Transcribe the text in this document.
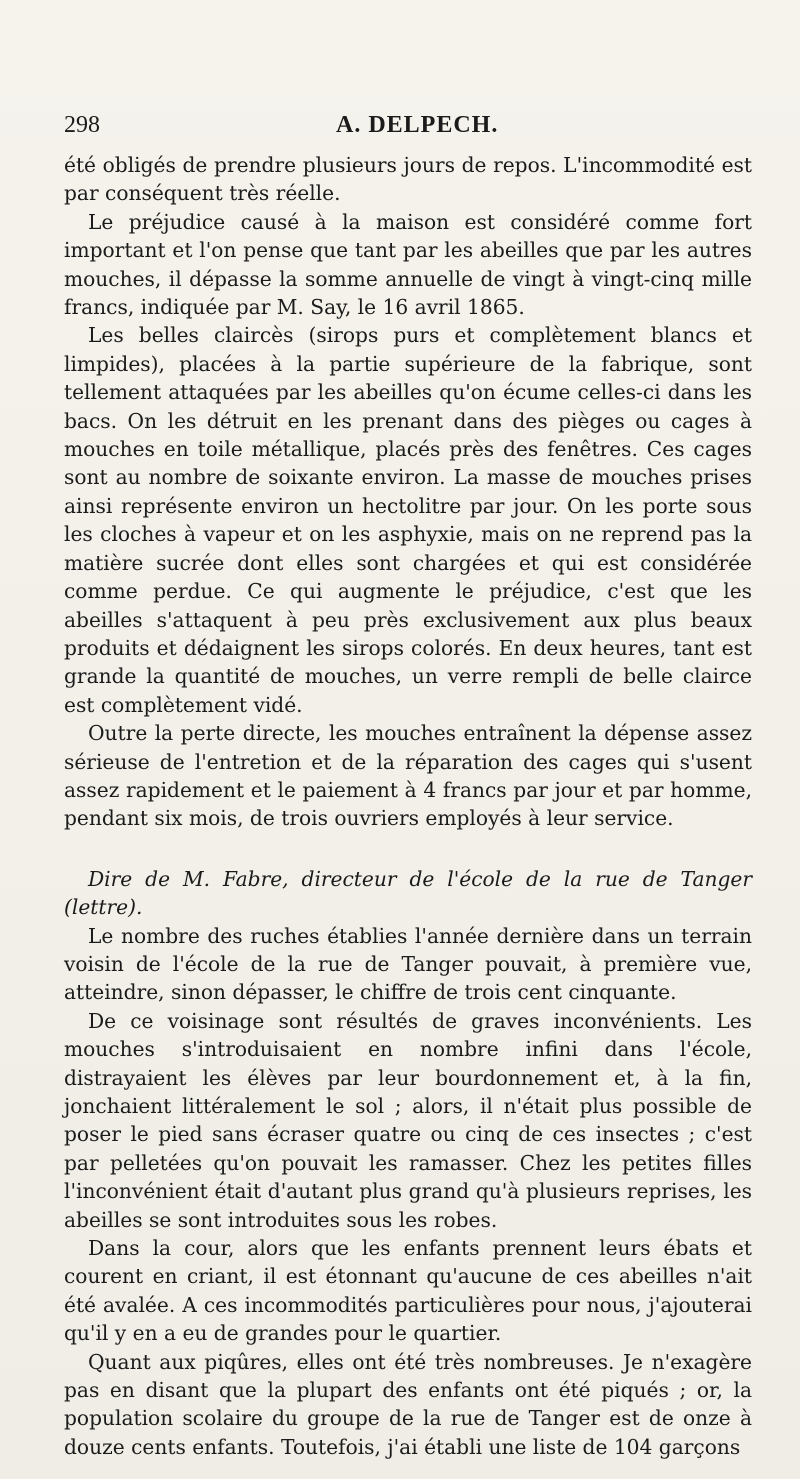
298	A. DELPECH.

été obligés de prendre plusieurs jours de repos. L'incommodité est par conséquent très réelle.

Le préjudice causé à la maison est considéré comme fort important et l'on pense que tant par les abeilles que par les autres mouches, il dépasse la somme annuelle de vingt à vingt-cinq mille francs, indiquée par M. Say, le 16 avril 1865.

Les belles claircès (sirops purs et complètement blancs et limpides), placées à la partie supérieure de la fabrique, sont tellement attaquées par les abeilles qu'on écume celles-ci dans les bacs. On les détruit en les prenant dans des pièges ou cages à mouches en toile métallique, placés près des fenêtres. Ces cages sont au nombre de soixante environ. La masse de mouches prises ainsi représente environ un hectolitre par jour. On les porte sous les cloches à vapeur et on les asphyxie, mais on ne reprend pas la matière sucrée dont elles sont chargées et qui est considérée comme perdue. Ce qui augmente le préjudice, c'est que les abeilles s'attaquent à peu près exclusivement aux plus beaux produits et dédaignent les sirops colorés. En deux heures, tant est grande la quantité de mouches, un verre rempli de belle clairce est complètement vidé.

Outre la perte directe, les mouches entraînent la dépense assez sérieuse de l'entretion et de la réparation des cages qui s'usent assez rapidement et le paiement à 4 francs par jour et par homme, pendant six mois, de trois ouvriers employés à leur service.

Dire de M. Fabre, directeur de l'école de la rue de Tanger (lettre).

Le nombre des ruches établies l'année dernière dans un terrain voisin de l'école de la rue de Tanger pouvait, à première vue, atteindre, sinon dépasser, le chiffre de trois cent cinquante.

De ce voisinage sont résultés de graves inconvénients. Les mouches s'introduisaient en nombre infini dans l'école, distrayaient les élèves par leur bourdonnement et, à la fin, jonchaient littéralement le sol ; alors, il n'était plus possible de poser le pied sans écraser quatre ou cinq de ces insectes ; c'est par pelletées qu'on pouvait les ramasser. Chez les petites filles l'inconvénient était d'autant plus grand qu'à plusieurs reprises, les abeilles se sont introduites sous les robes.

Dans la cour, alors que les enfants prennent leurs ébats et courent en criant, il est étonnant qu'aucune de ces abeilles n'ait été avalée. A ces incommodités particulières pour nous, j'ajouterai qu'il y en a eu de grandes pour le quartier.

Quant aux piqûres, elles ont été très nombreuses. Je n'exagère pas en disant que la plupart des enfants ont été piqués ; or, la population scolaire du groupe de la rue de Tanger est de onze à douze cents enfants. Toutefois, j'ai établi une liste de 104 garçons
